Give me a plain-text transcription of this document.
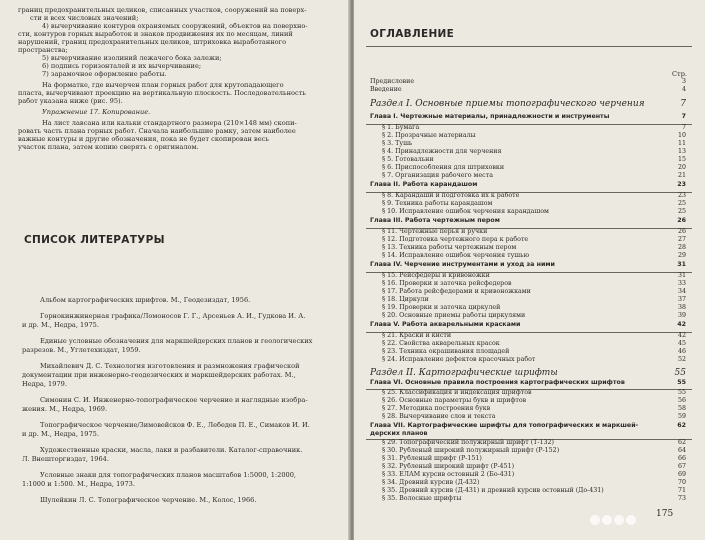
границ предохранительных целиков, списанных участков, сооружений на поверх-
сти и всех числовых значений;
4) вычерчивание контуров охраняемых сооружений, объектов на поверхно-
сти, контуров горных выработок и знаков продвижения их по месяцам, линий
нарушений, границ предохранительных целиков, штриховка выработанного
пространства;
5) вычерчивание изолиний лежачего бока залежи;
6) подпись горизонталей и их вычерчивание;
7) зарамочное оформление работы.
На форматке, где вычерчен план горных работ для крутопадающего
пласта, вычерчивают проекцию на вертикальную плоскость. Последовательность
работ указана ниже (рис. 95).
Упражнение 17. Копирование.
На лист лавсана или кальки стандартного размера (210×148 мм) скопи-
ровать часть плана горных работ. Сначала наибольшие рамку, затем наиболее
важные контуры и другие обозначения, пока не будет скопирован весь
участок плана, затем копию сверять с оригиналом.
СПИСОК ЛИТЕРАТУРЫ
Альбом картографических шрифтов. М., Геодезиздат, 1956.
Горнокинжинерная графика/Ломоносов Г. Г., Арсеньев А. И., Гудкова И. А.
и др. М., Недра, 1975.
Единые условные обозначения для маркшейдерских планов и геологических
разрезов. М., Углетехиздат, 1959.
Михайлевич Д. С. Технология изготовления и размножения графической
документации при инженерно-геодезических и маркшейдерских работах. М.,
Недра, 1979.
Симонин С. И. Инженерно-топографическое черчение и наглядные изобра-
жения. М., Недра, 1969.
Топографическое черчение/Зимовейсков Ф. Е., Лебедев П. Е., Симаков И. И.
и др. М., Недра, 1975.
Художественные краски, масла, лаки и разбавители. Каталог-справочник.
Л. Внешторгиздат, 1964.
Условные знаки для топографических планов масштабов 1:5000, 1:2000,
1:1000 и 1:500. М., Недра, 1973.
Шулейкин Л. С. Топографическое черчение. М., Колос, 1966.
ОГЛАВЛЕНИЕ
Стр.
Предисловие	3
Введение	4
Раздел I. Основные приемы топографического черчения	7
Глава I. Чертежные материалы, принадлежности и инструменты	7
§ 1. Бумага	7
§ 2. Прозрачные материалы	10
§ 3. Тушь	11
§ 4. Принадлежности для черчения	13
§ 5. Готовальни	15
§ 6. Приспособления для штриховки	20
§ 7. Организация рабочего места	21
Глава II. Работа карандашом	23
§ 8. Карандаши и подготовка их к работе	23
§ 9. Техника работы карандашом	25
§ 10. Исправление ошибок черчения карандашом	25
Глава III. Работа чертежным пером	26
§ 11. Чертежные перья и ручки	26
§ 12. Подготовка чертежного пера к работе	27
§ 13. Техника работы чертежным пером	28
§ 14. Исправление ошибок черчения тушью	29
Глава IV. Черчение инструментами и уход за ними	31
§ 15. Рейсфедеры и кривоножки	31
§ 16. Проверки и заточка рейсфедеров	33
§ 17. Работа рейсфедерами и кривоножками	34
§ 18. Циркули	37
§ 19. Проверки и заточка циркулей	38
§ 20. Основные приемы работы циркулями	39
Глава V. Работа акварельными красками	42
§ 21. Краски и кисти	42
§ 22. Свойства акварельных красок	45
§ 23. Техника окрашивания площадей	46
§ 24. Исправление дефектов красочных работ	52
Раздел II. Картографические шрифты	55
Глава VI. Основные правила построения картографических шрифтов	55
§ 25. Классификация и индексация шрифтов	55
§ 26. Основные параметры букв и шрифтов	56
§ 27. Методика построения букв	58
§ 28. Вычерчивание слов и текста	59
Глава VII. Картографические шрифты для топографических и маркшей-	62
дерских планов
§ 29. Топографический полужирный шрифт (Т-132)	62
§ 30. Рубленый широкий полужирный шрифт (Р-152)	64
§ 31. Рубленый шрифт (Р-151)	66
§ 32. Рубленый широкий шрифт (Р-451)	67
§ 33. ЕЛАМ курсив остовный 2 (Бо-431)	69
§ 34. Древний курсив (Д-432)	70
§ 35. Древний курсив (Д-431) и древний курсив остовный (До-431)	71
§ 35. Волосные шрифты	73
175
